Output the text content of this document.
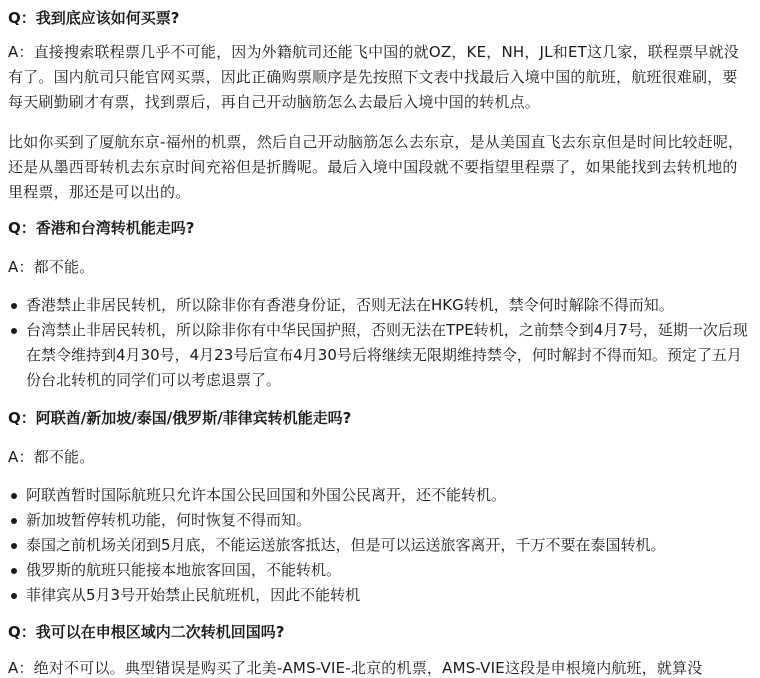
Q：我到底应该如何买票?

A：直接搜索联程票几乎不可能，因为外籍航司还能飞中国的就OZ，KE，NH，JL和ET这几家，联程票早就没有了。国内航司只能官网买票，因此正确购票顺序是先按照下文表中找最后入境中国的航班，航班很难刷，要每天刷勤刷才有票，找到票后，再自己开动脑筋怎么去最后入境中国的转机点。

比如你买到了厦航东京-福州的机票，然后自己开动脑筋怎么去东京，是从美国直飞去东京但是时间比较赶呢，还是从墨西哥转机去东京时间充裕但是折腾呢。最后入境中国段就不要指望里程票了，如果能找到去转机地的里程票，那还是可以出的。

Q：香港和台湾转机能走吗?

A：都不能。

香港禁止非居民转机，所以除非你有香港身份证，否则无法在HKG转机，禁令何时解除不得而知。
台湾禁止非居民转机，所以除非你有中华民国护照，否则无法在TPE转机，之前禁令到4月7号，延期一次后现在禁令维持到4月30号，4月23号后宣布4月30号后将继续无限期维持禁令，何时解封不得而知。预定了五月份台北转机的同学们可以考虑退票了。

Q：阿联酋/新加坡/泰国/俄罗斯/菲律宾转机能走吗?

A：都不能。

阿联酋暂时国际航班只允许本国公民回国和外国公民离开，还不能转机。
新加坡暂停转机功能，何时恢复不得而知。
泰国之前机场关闭到5月底，不能运送旅客抵达，但是可以运送旅客离开，千万不要在泰国转机。
俄罗斯的航班只能接本地旅客回国，不能转机。
菲律宾从5月3号开始禁止民航班机，因此不能转机

Q：我可以在申根区域内二次转机回国吗?

A：绝对不可以。典型错误是购买了北美-AMS-VIE-北京的机票，AMS-VIE这段是申根境内航班，就算没
